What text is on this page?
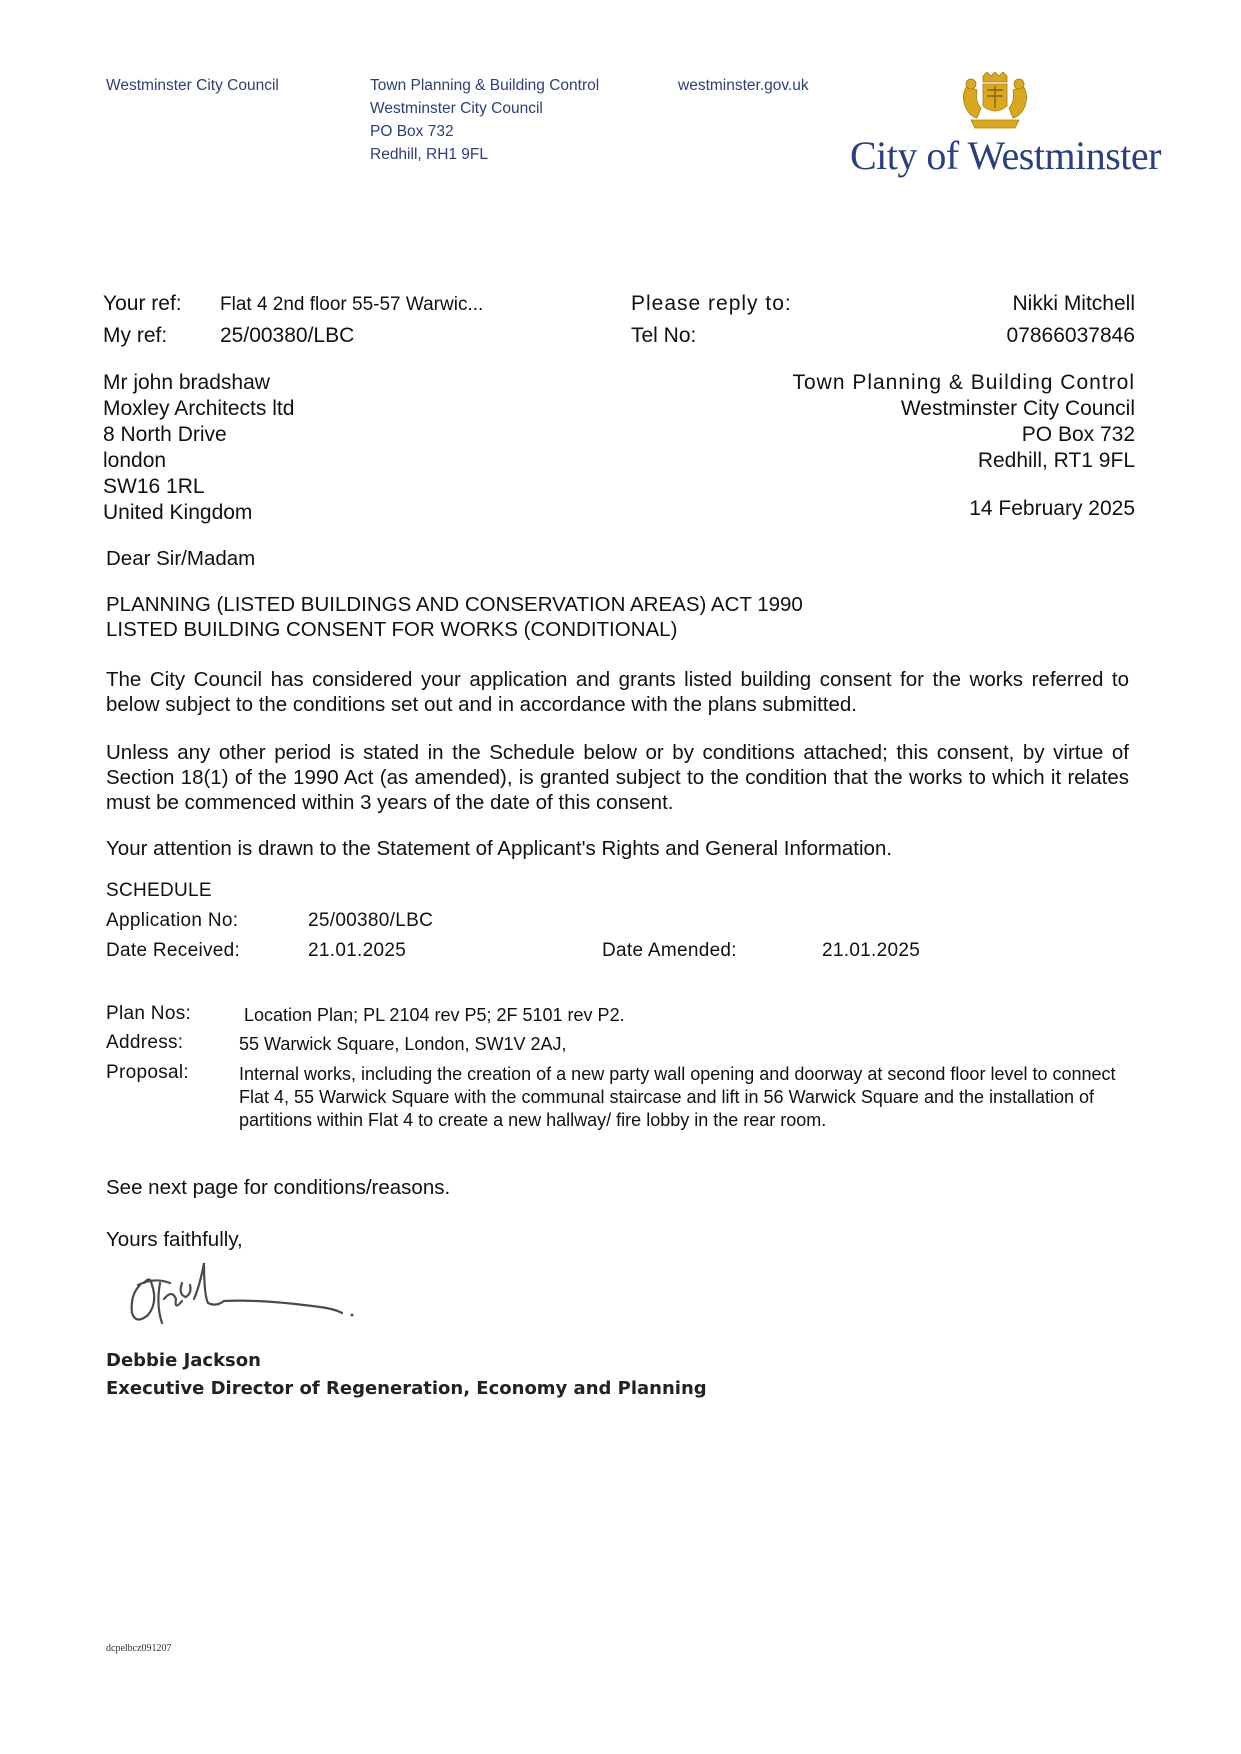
Westminster City Council	Town Planning & Building Control
Westminster City Council
PO Box 732
Redhill, RH1 9FL
westminster.gov.uk
City of Westminster
Your ref: Flat 4 2nd floor 55-57 Warwic...
My ref:	25/00380/LBC
Please reply to:	Nikki Mitchell
Tel No:	07866037846
Mr john bradshaw
Moxley Architects ltd
8 North Drive
london
SW16 1RL
United Kingdom
Town Planning & Building Control
Westminster City Council
PO Box 732
Redhill, RT1 9FL
14 February 2025
Dear Sir/Madam
PLANNING (LISTED BUILDINGS AND CONSERVATION AREAS) ACT 1990
LISTED BUILDING CONSENT FOR WORKS (CONDITIONAL)
The City Council has considered your application and grants listed building consent for the works referred to below subject to the conditions set out and in accordance with the plans submitted.
Unless any other period is stated in the Schedule below or by conditions attached; this consent, by virtue of Section 18(1) of the 1990 Act (as amended), is granted subject to the condition that the works to which it relates must be commenced within 3 years of the date of this consent.
Your attention is drawn to the Statement of Applicant's Rights and General Information.
SCHEDULE
Application No:	25/00380/LBC
Date Received:	21.01.2025	Date Amended:	21.01.2025
Plan Nos:	Location Plan; PL 2104 rev P5; 2F 5101 rev P2.
Address:	55 Warwick Square, London, SW1V 2AJ,
Proposal:	Internal works, including the creation of a new party wall opening and doorway at second floor level to connect Flat 4, 55 Warwick Square with the communal staircase and lift in 56 Warwick Square and the installation of partitions within Flat 4 to create a new hallway/ fire lobby in the rear room.
See next page for conditions/reasons.
Yours faithfully,
Debbie Jackson
Executive Director of Regeneration, Economy and Planning
dcpelbcz091207
